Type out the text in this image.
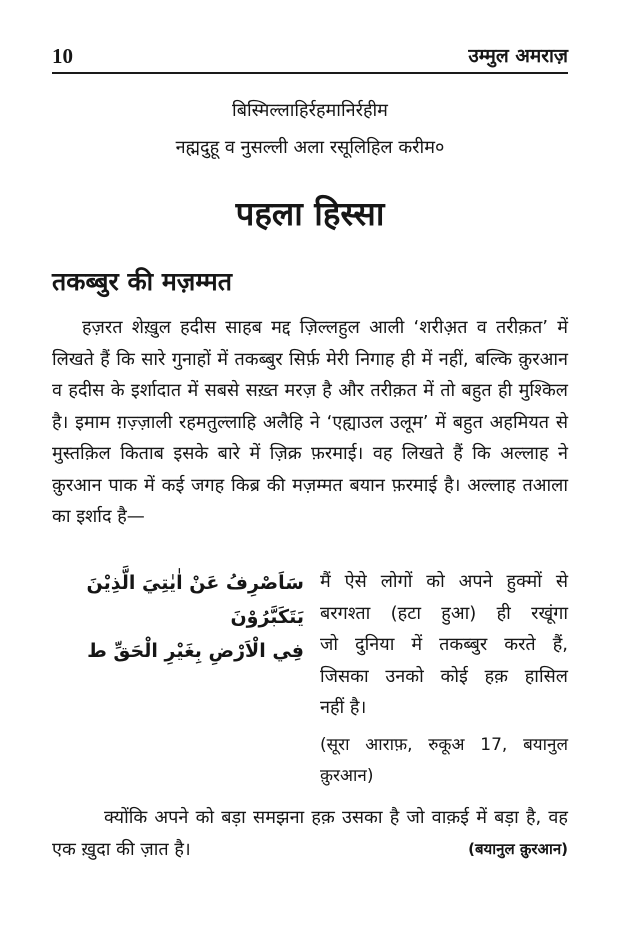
10	उम्मुल अमराज़
बिस्मिल्लाहिर्रहमानिर्रहीम
नह्मदुहू व नुसल्ली अला रसूलिहिल करीम०
पहला हिस्सा
तकब्बुर की मज़म्मत
हज़रत शेख़ुल हदीस साहब मद्द ज़िल्लहुल आली ‘शरीअ़त व तरीक़त’ में लिखते हैं कि सारे गुनाहों में तकब्बुर सिर्फ़ मेरी निगाह ही में नहीं, बल्कि क़ुरआन व हदीस के इर्शादात में सबसे सख़्त मरज़ है और तरीक़त में तो बहुत ही मुश्किल है। इमाम ग़ज़्ज़ाली रहमतुल्लाहि अलैहि ने ‘एह्याउल उलूम’ में बहुत अहमियत से मुस्तक़िल किताब इसके बारे में ज़िक्र फ़रमाई। वह लिखते हैं कि अल्लाह ने क़ुरआन पाक में कई जगह किब्र की मज़म्मत बयान फ़रमाई है। अल्लाह तआला का इर्शाद है—
سَاَصْرِفُ عَنْ اٰيٰتِيَ الَّذِيْنَ يَتَكَبَّرُوْنَ
فِي الْاَرْضِ بِغَيْرِ الْحَقِّ ط
मैं ऐसे लोगों को अपने हुक्मों से
बरगश्ता (हटा हुआ) ही रखूंगा
जो दुनिया में तकब्बुर करते हैं,
जिसका उनको कोई हक़ हासिल
नहीं है।
(सूरा आराफ़, रुकूअ 17, बयानुल क़ुरआन)
क्योंकि अपने को बड़ा समझना हक़ उसका है जो वाक़ई में बड़ा है, वह एक ख़ुदा की ज़ात है।	(बयानुल क़ुरआन)
